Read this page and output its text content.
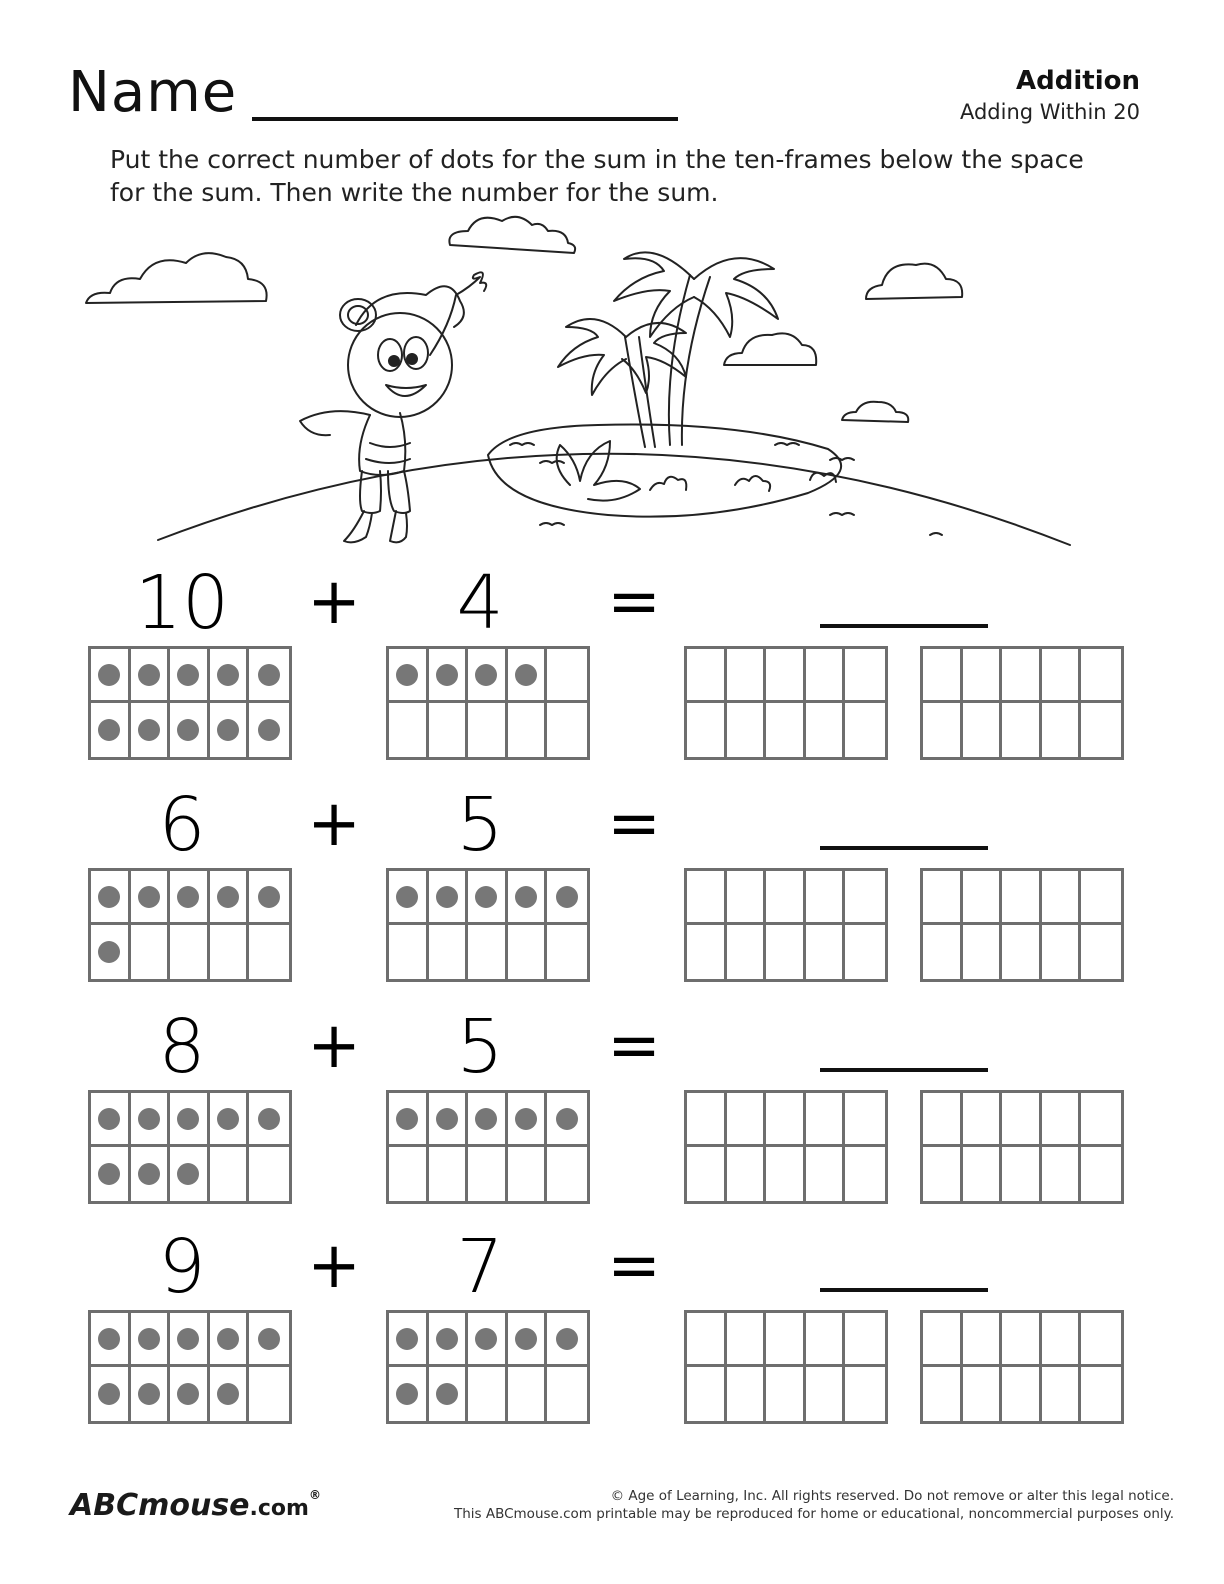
Name	Addition
Adding Within 20
Put the correct number of dots for the sum in the ten-frames below the space for the sum. Then write the number for the sum.
10 +	4	=
6	+	5	=
8	+	5	=
9	+	7	=
ABCmouse.com®	© Age of Learning, Inc. All rights reserved. Do not remove or alter this legal notice.
This ABCmouse.com printable may be reproduced for home or educational, noncommercial purposes only.
